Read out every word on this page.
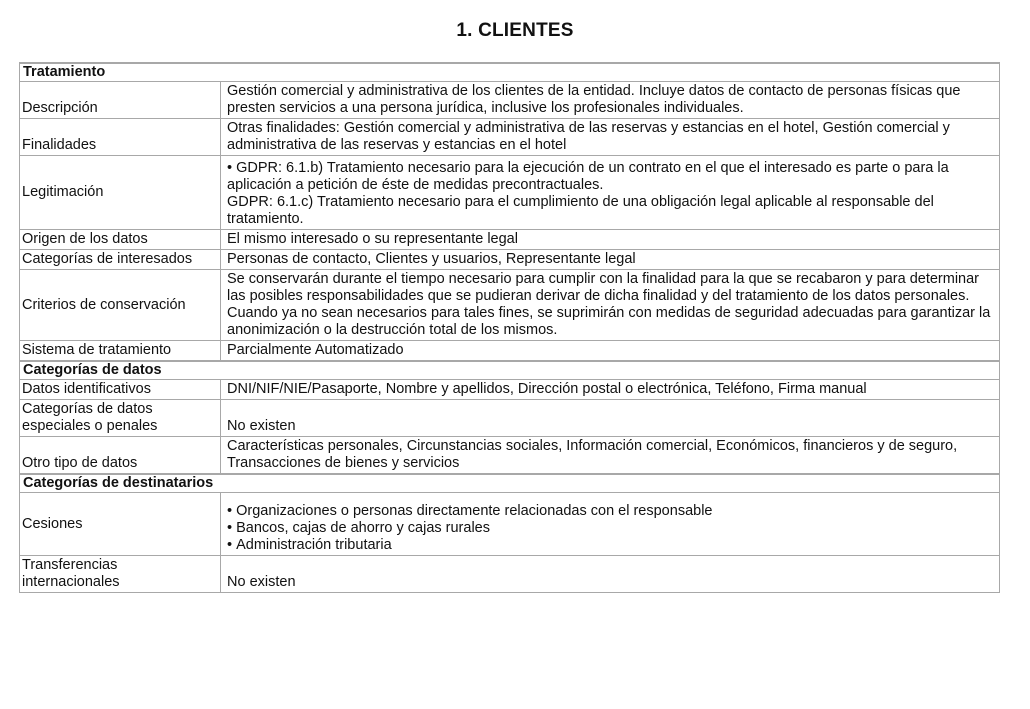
1. CLIENTES
Tratamiento	
Descripción	Gestión comercial y administrativa de los clientes de la entidad. Incluye datos de contacto de personas físicas que presten servicios a una persona jurídica, inclusive los profesionales individuales.
Finalidades	Otras finalidades: Gestión comercial y administrativa de las reservas y estancias en el hotel, Gestión comercial y administrativa de las reservas y estancias en el hotel
Legitimación	• GDPR: 6.1.b) Tratamiento necesario para la ejecución de un contrato en el que el interesado es parte o para la aplicación a petición de éste de medidas precontractuales.
GDPR: 6.1.c) Tratamiento necesario para el cumplimiento de una obligación legal aplicable al responsable del tratamiento.

Origen de los datos	El mismo interesado o su representante legal
Categorías de interesados	Personas de contacto, Clientes y usuarios, Representante legal
Criterios de conservación	Se conservarán durante el tiempo necesario para cumplir con la finalidad para la que se recabaron y para determinar las posibles responsabilidades que se pudieran derivar de dicha finalidad y del tratamiento de los datos personales. Cuando ya no sean necesarios para tales fines, se suprimirán con medidas de seguridad adecuadas para garantizar la anonimización o la destrucción total de los mismos.
Sistema de tratamiento	Parcialmente Automatizado
Categorías de datos	
Datos identificativos	DNI/NIF/NIE/Pasaporte, Nombre y apellidos, Dirección postal o electrónica, Teléfono, Firma manual
Categorías de datos especiales o penales	No existen
Otro tipo de datos	Características personales, Circunstancias sociales, Información comercial, Económicos, financieros y de seguro, Transacciones de bienes y servicios
Categorías de destinatarios	
Cesiones	• Organizaciones o personas directamente relacionadas con el responsable
• Bancos, cajas de ahorro y cajas rurales
• Administración tributaria

Transferencias internacionales	No existen
